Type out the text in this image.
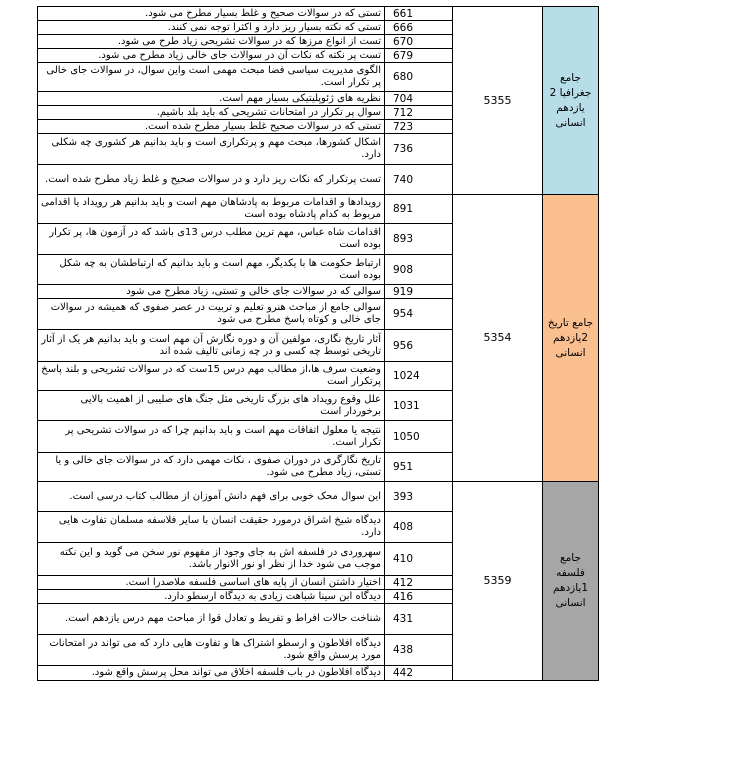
تستی که در سوالات صحیح و غلط بسیار مطرح می شود.	661	5355	جامع جغرافیا 2 یازدهم انسانی

تستی که نکته بسیار ریز دارد و اکثرا توجه نمی کنند.	666		

تست از انواع مرزها که در سوالات تشریحی زیاد طرح می شود.	670		

تست پر نکته که نکات آن در سوالات جای خالی زیاد مطرح می شود.	679		

الگوی مدیریت سیاسی فضا مبحث مهمی است واین سوال، در سوالات جای خالی پر تکرار است.	680		

نظریه های ژئوپلیتیکی بسیار مهم است.	704		

سوال پر تکرار در امتحانات تشریحی که باید بلد باشیم.	712		

تستی که در سوالات صحیح غلط بسیار مطرح شده است.	723		

اشکال کشورها، مبحث مهم و پرتکراری است و باید بدانیم هر کشوری چه شکلی دارد.	736		

تست پرتکرار که نکات ریز دارد و در سوالات صحیح و غلط زیاد مطرح شده است.	740		

رویدادها و اقدامات مربوط به پادشاهان مهم است و باید بدانیم هر رویداد یا اقدامی مربوط به کدام پادشاه بوده است	891	5354	جامع تاریخ 2یازدهم انسانی

اقدامات شاه عباس، مهم ترین مطلب درس 13ی باشد که در آزمون ها، پر تکرار بوده است	893		

ارتباط حکومت ها با یکدیگر، مهم است و باید بدانیم که ارتباطشان به چه شکل بوده است	908		

سوالی که در سوالات جای خالی و تستی، زیاد مطرح می شود	919		

سوالی جامع از مباحث هنرو تعلیم و تربیت در عصر صفوی که همیشه در سوالات جای خالی و کوتاه پاسخ مطرح می شود	954		

آثار تاریخ نگاری، مولفین آن و دوره نگارش آن مهم است و باید بدانیم هر یک از آثار تاریخی توسط چه کسی و در چه زمانی تالیف شده اند	956		

وضعیت سرف ها،از مطالب مهم درس 15ست که در سوالات تشریحی و بلند پاسخ پرتکرار است	1024		

علل وقوع رویداد های بزرگ تاریخی مثل جنگ های صلیبی از اهمیت بالایی برخوردار است	1031		

نتیجه یا معلول اتفاقات مهم است و باید بدانیم چرا که در سوالات تشریحی پر تکرار است.	1050		

تاریخ نگارگری در دوران صفوی ، نکات مهمی دارد که در سوالات جای خالی و یا تستی، زیاد مطرح می شود.	951		

این سوال محک خوبی برای فهم دانش آموزان از مطالب کتاب درسی است.	393	5359	جامع فلسفه 1یازدهم انسانی

دیدگاه شیخ اشراق درمورد حقیقت انسان با سایر فلاسفه مسلمان تفاوت هایی دارد.	408		

سهروردی در فلسفه اش به جای وجود از مفهوم نور سخن می گوید و این نکته موجب می شود خدا از نظر او نور الانوار باشد.	410		

اختیار داشتن انسان از پایه های اساسی فلسفه ملاصدرا است.	412		

دیدگاه ابن سینا شباهت زیادی به دیدگاه ارسطو دارد.	416		

شناخت حالات افراط و تفریط و تعادل قوا از مباحث مهم درس یازدهم است.	431		

دیدگاه افلاطون و ارسطو اشتراک ها و تفاوت هایی دارد که می تواند در امتحانات مورد پرسش واقع شود.	438		

دیدگاه افلاطون در باب فلسفه اخلاق می تواند محل پرسش واقع شود.	442		
